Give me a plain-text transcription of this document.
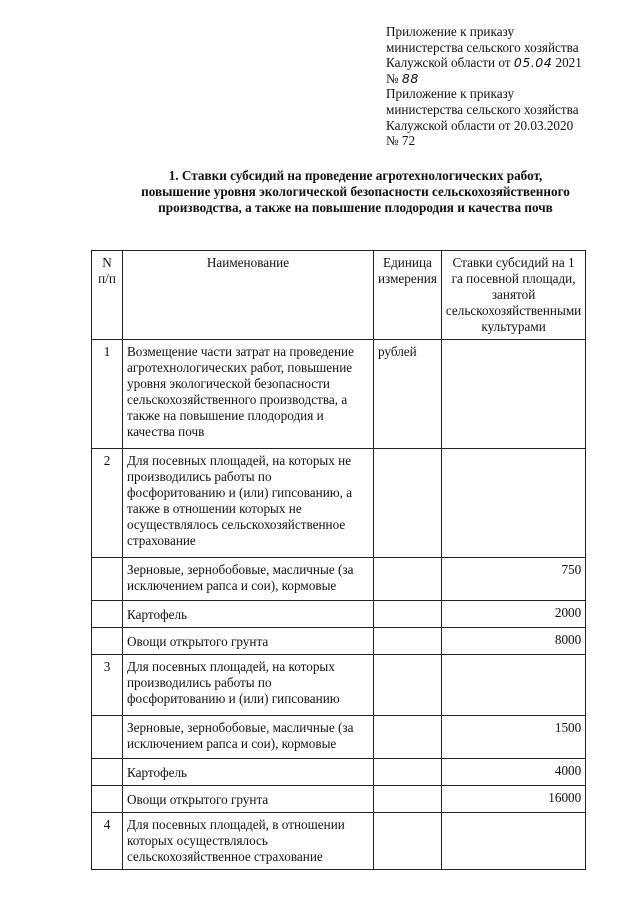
Приложение к приказу
министерства сельского хозяйства
Калужской области от 05.04 2021
№ 88
Приложение к приказу
министерства сельского хозяйства
Калужской области от 20.03.2020
№ 72
1. Ставки субсидий на проведение агротехнологических работ, повышение уровня экологической безопасности сельскохозяйственного производства, а также на повышение плодородия и качества почв
N п/п	Наименование	Единица измерения	Ставки субсидий на 1 га посевной площади, занятой сельскохозяйственными культурами
1	Возмещение части затрат на проведение агротехнологических работ, повышение уровня экологической безопасности сельскохозяйственного производства, а также на повышение плодородия и качества почв	рублей	
2	Для посевных площадей, на которых не производились работы по фосфоритованию и (или) гипсованию, а также в отношении которых не осуществлялось сельскохозяйственное страхование		
	Зерновые, зернобобовые, масличные (за исключением рапса и сои), кормовые		750
	Картофель		2000
	Овощи открытого грунта		8000
3	Для посевных площадей, на которых производились работы по фосфоритованию и (или) гипсованию		
	Зерновые, зернобобовые, масличные (за исключением рапса и сои), кормовые		1500
	Картофель		4000
	Овощи открытого грунта		16000
4	Для посевных площадей, в отношении которых осуществлялось сельскохозяйственное страхование		
